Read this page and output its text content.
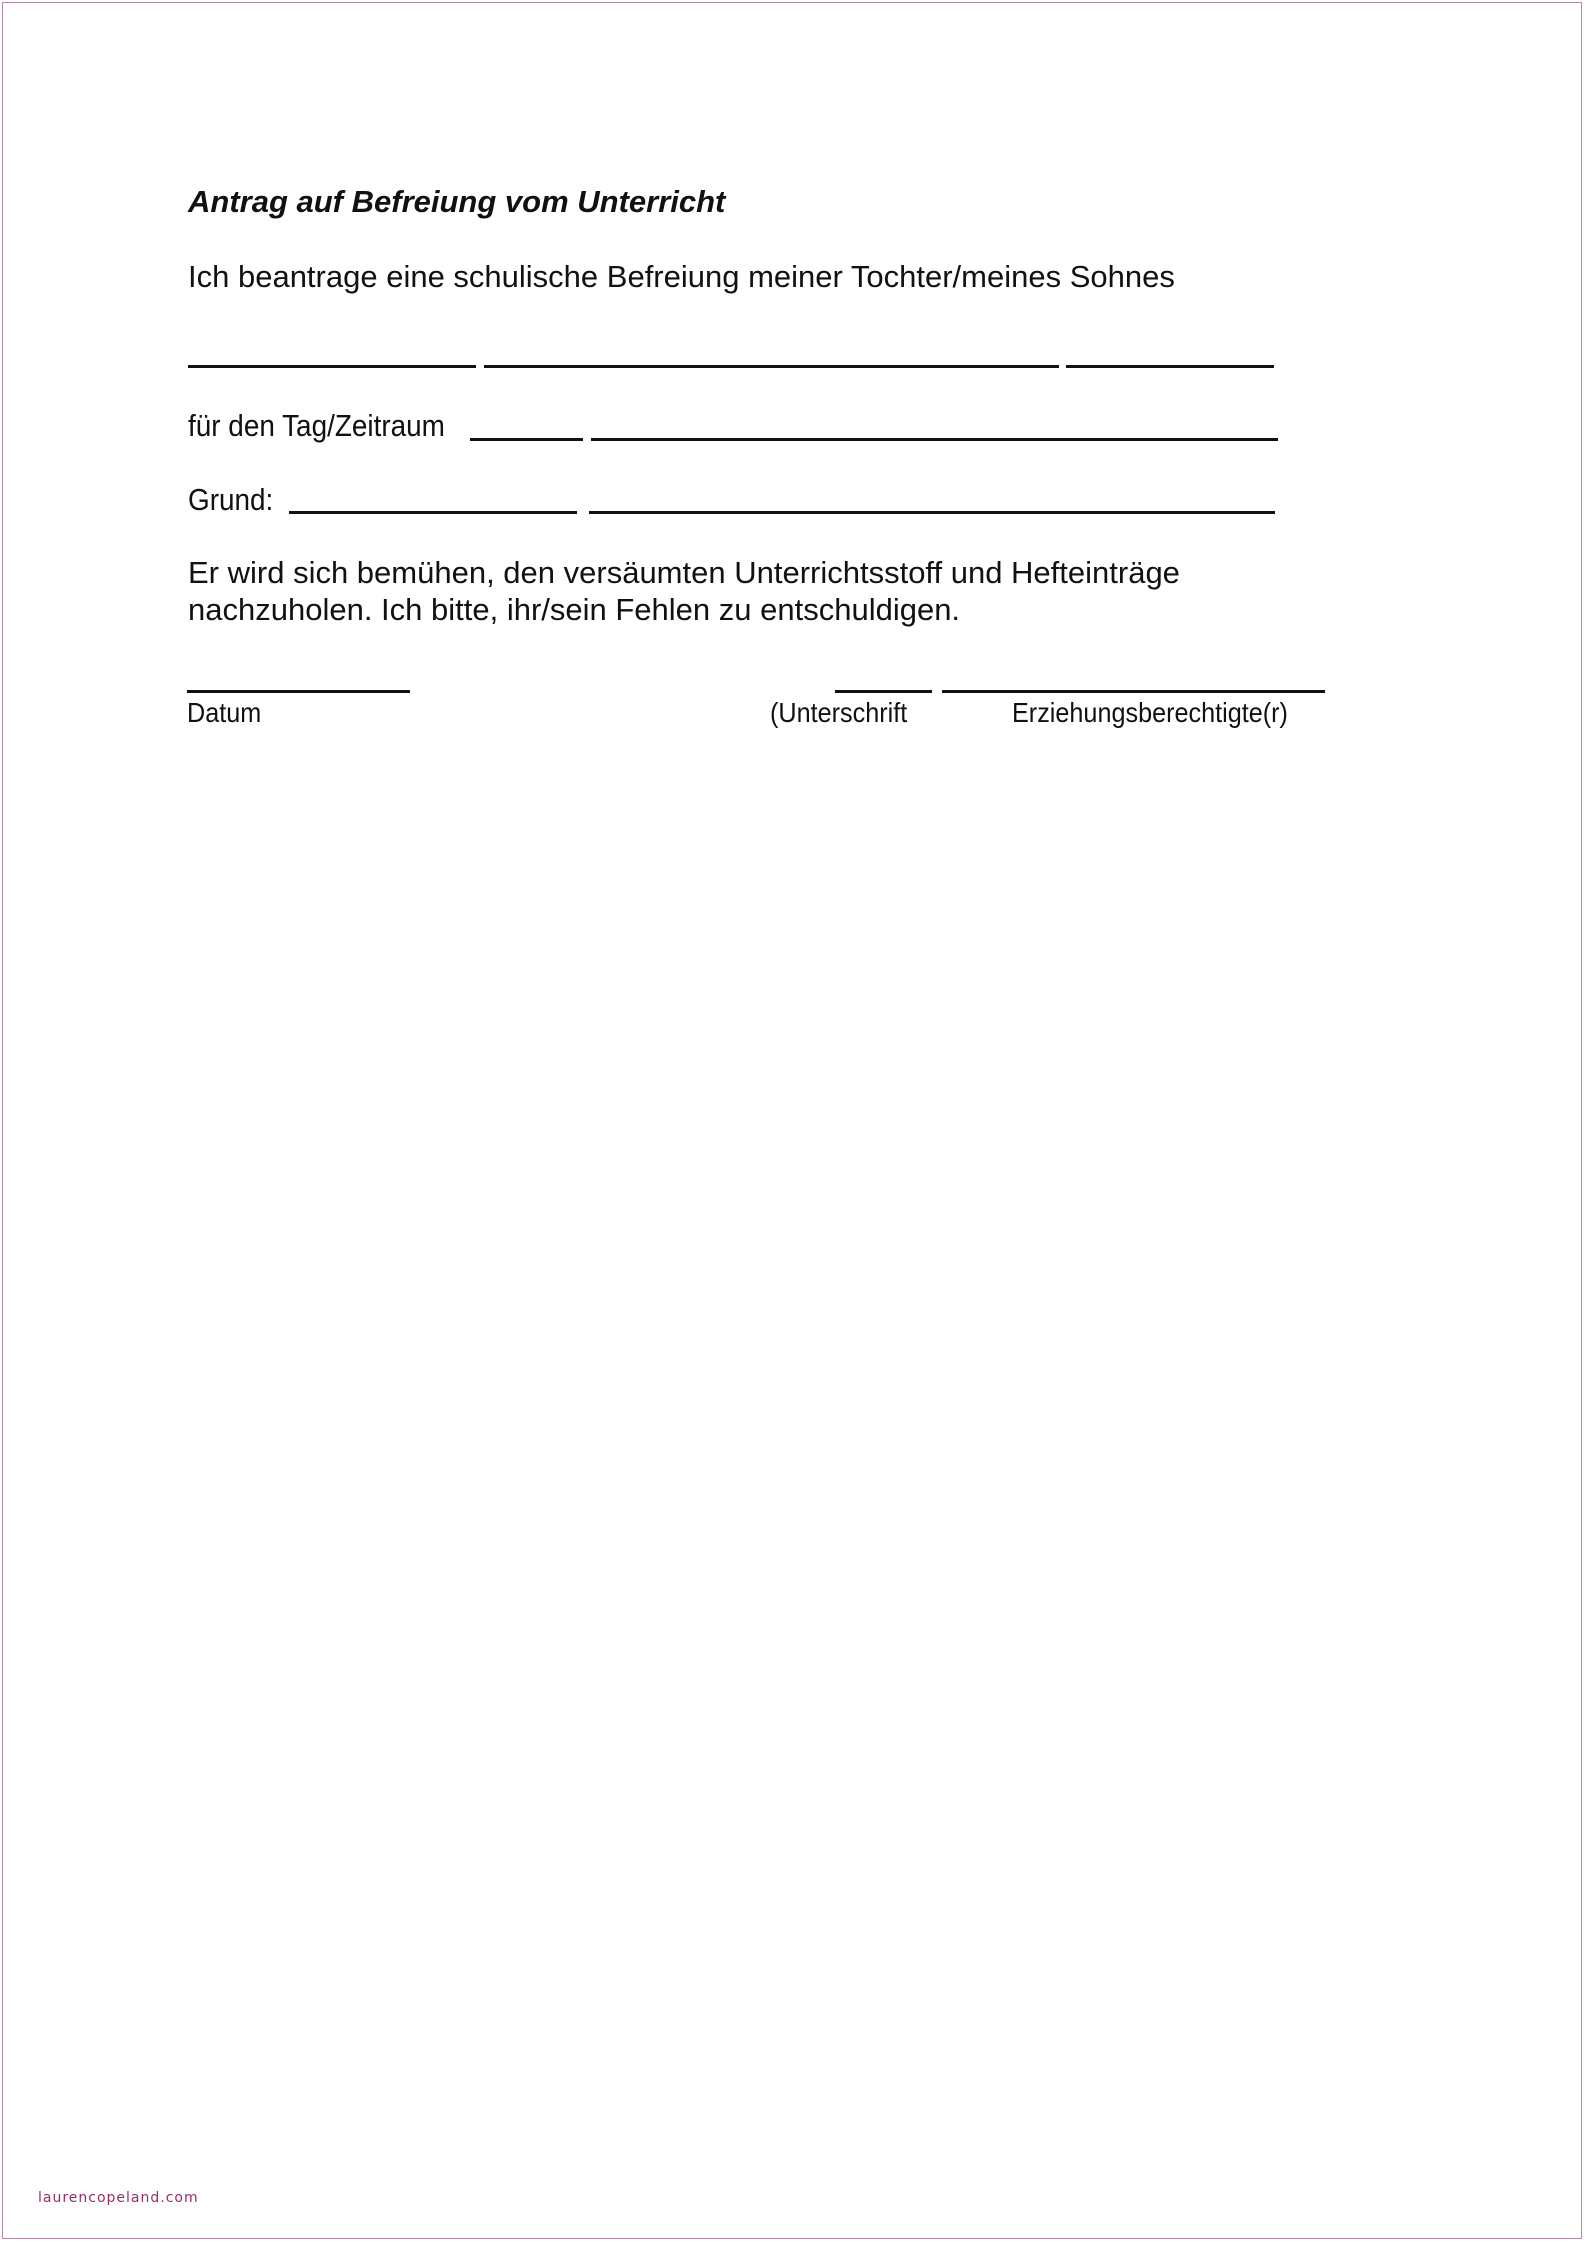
Antrag auf Befreiung vom Unterricht
Ich beantrage eine schulische Befreiung meiner Tochter/meines Sohnes
für den Tag/Zeitraum
Grund:
Er wird sich bemühen, den versäumten Unterrichtsstoff und Hefteinträge
nachzuholen. Ich bitte, ihr/sein Fehlen zu entschuldigen.
Datum	(Unterschrift	Erziehungsberechtigte(r)
laurencopeland.com
